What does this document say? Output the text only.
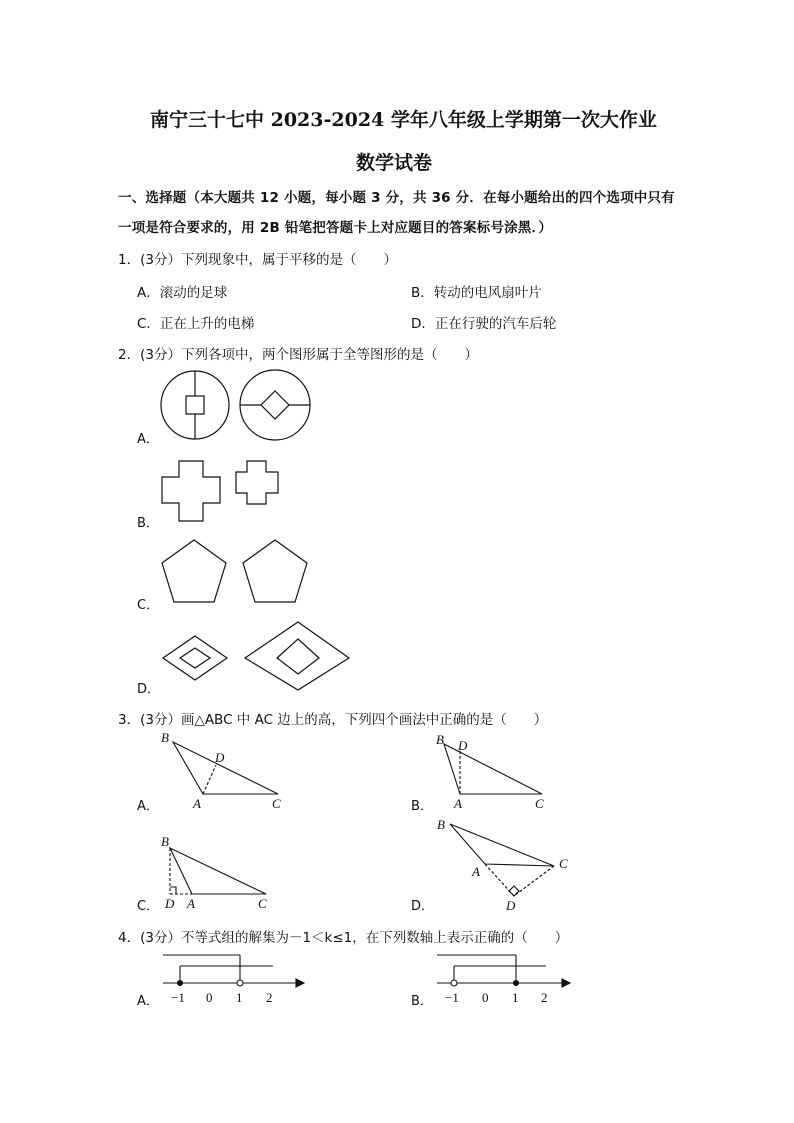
南宁三十七中 2023-2024 学年八年级上学期第一次大作业
数学试卷
一、选择题（本大题共 12 小题，每小题 3 分，共 36 分．在每小题给出的四个选项中只有
一项是符合要求的，用 2B 铅笔把答题卡上对应题目的答案标号涂黑．）
1．(3分）下列现象中，属于平移的是（　　）
A．滚动的足球	B．转动的电风扇叶片
C．正在上升的电梯	D．正在行驶的汽车后轮
2．(3分）下列各项中，两个图形属于全等图形的是（　　）
A．
B．
C．
D．
3．(3分）画△ABC 中 AC 边上的高，下列四个画法中正确的是（　　）
A．
B
D
A	C	B．
B D
A	C
C．
B
D A	C	D．
B
A
C
D
4．(3分）不等式组的解集为－1＜k≤1，在下列数轴上表示正确的（　　）
A． −1 0 1 2	B． −1 0 1 2
